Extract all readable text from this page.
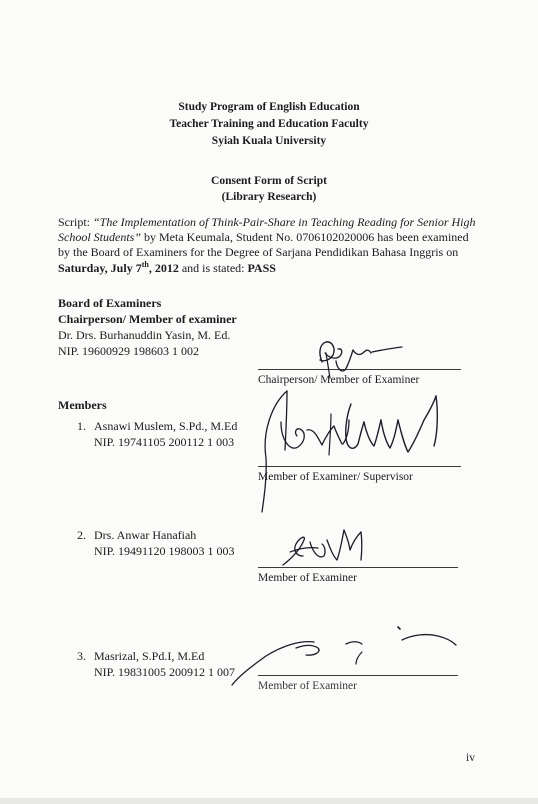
Study Program of English Education
Teacher Training and Education Faculty
Syiah Kuala University
Consent Form of Script
(Library Research)
Script: “The Implementation of Think-Pair-Share in Teaching Reading for Senior High
School Students” by Meta Keumala, Student No. 0706102020006 has been examined
by the Board of Examiners for the Degree of Sarjana Pendidikan Bahasa Inggris on
Saturday, July 7th, 2012 and is stated: PASS
Board of Examiners
Chairperson/ Member of examiner
Dr. Drs. Burhanuddin Yasin, M. Ed.
NIP. 19600929 198603 1 002
Chairperson/ Member of Examiner
Members
1. Asnawi Muslem, S.Pd., M.Ed
NIP. 19741105 200112 1 003
Member of Examiner/ Supervisor
2. Drs. Anwar Hanafiah
NIP. 19491120 198003 1 003
Member of Examiner
3. Masrizal, S.Pd.I, M.Ed
NIP. 19831005 200912 1 007
Member of Examiner
iv
